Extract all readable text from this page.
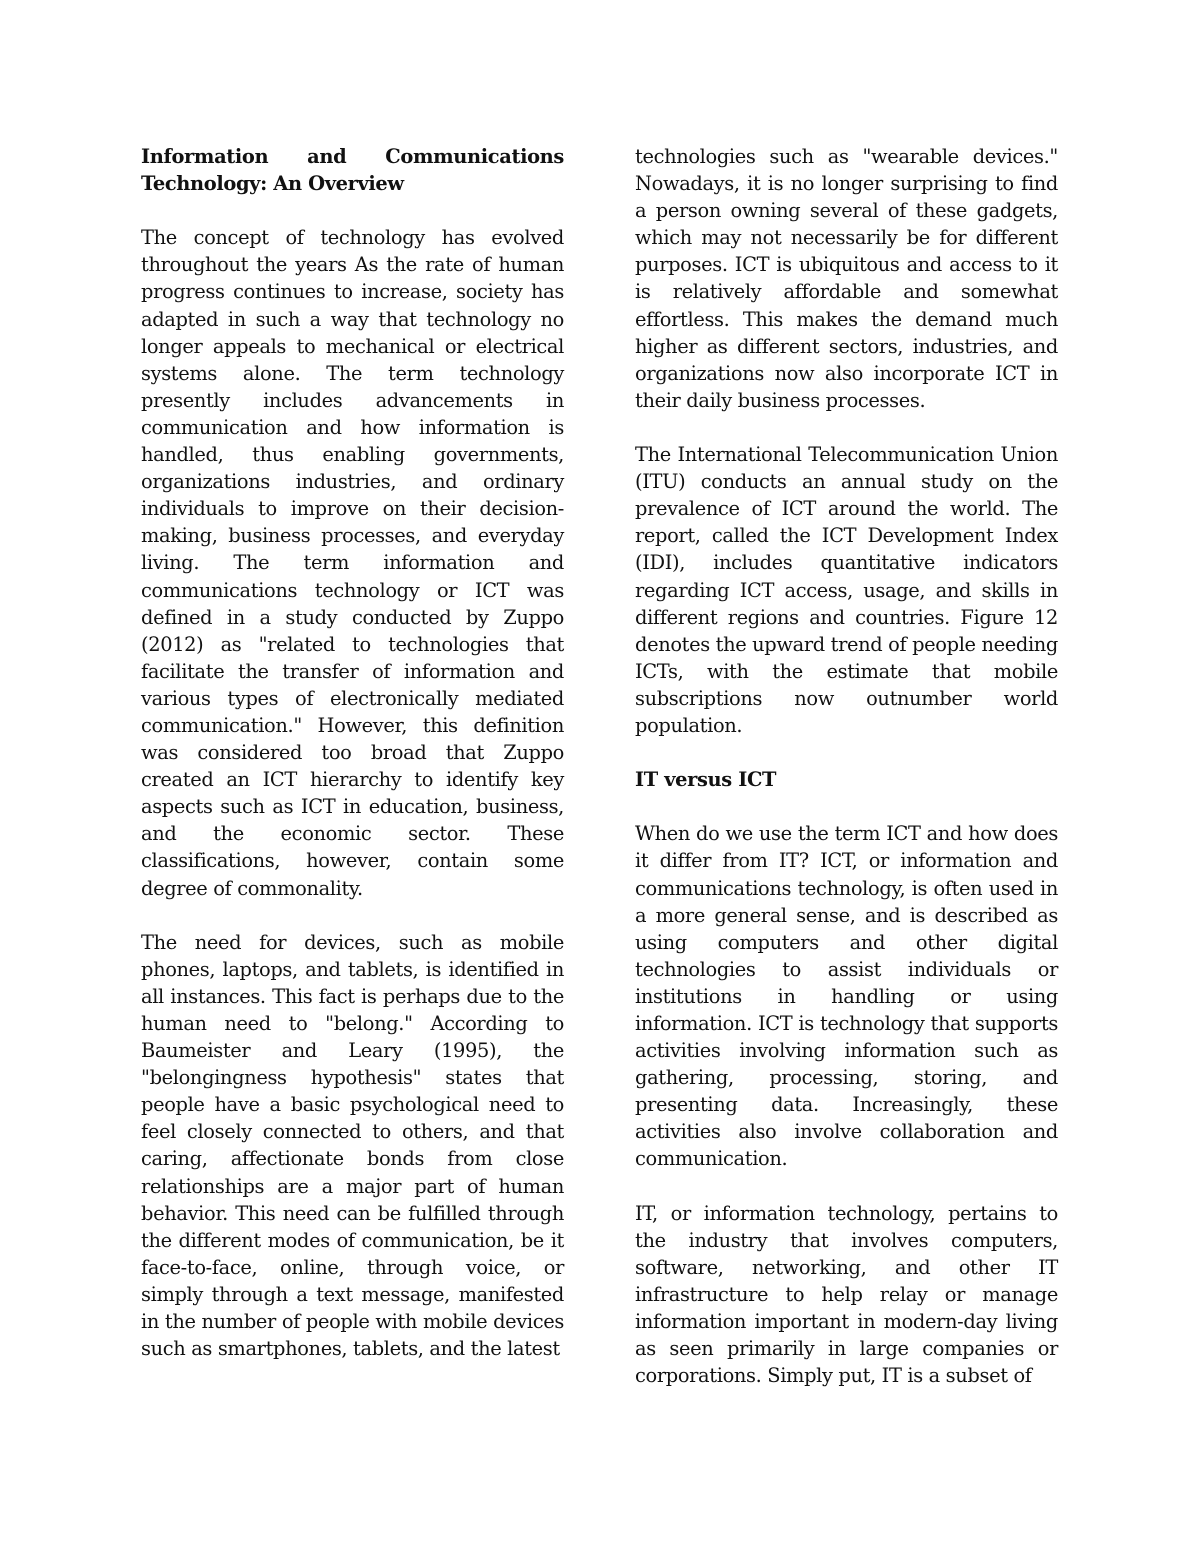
Information and Communications Technology: An Overview
The concept of technology has evolved throughout the years As the rate of human progress continues to increase, society has adapted in such a way that technology no longer appeals to mechanical or electrical systems alone. The term technology presently includes advancements in communication and how information is handled, thus enabling governments, organizations industries, and ordinary individuals to improve on their decision-making, business processes, and everyday living. The term information and communications technology or ICT was defined in a study conducted by Zuppo (2012) as "related to technologies that facilitate the transfer of information and various types of electronically mediated communication." However, this definition was considered too broad that Zuppo created an ICT hierarchy to identify key aspects such as ICT in education, business, and the economic sector. These classifications, however, contain some degree of commonality.
The need for devices, such as mobile phones, laptops, and tablets, is identified in all instances. This fact is perhaps due to the human need to "belong." According to Baumeister and Leary (1995), the "belongingness hypothesis" states that people have a basic psychological need to feel closely connected to others, and that caring, affectionate bonds from close relationships are a major part of human behavior. This need can be fulfilled through the different modes of communication, be it face-to-face, online, through voice, or simply through a text message, manifested in the number of people with mobile devices such as smartphones, tablets, and the latest
technologies such as "wearable devices." Nowadays, it is no longer surprising to find a person owning several of these gadgets, which may not necessarily be for different purposes. ICT is ubiquitous and access to it is relatively affordable and somewhat effortless. This makes the demand much higher as different sectors, industries, and organizations now also incorporate ICT in their daily business processes.
The International Telecommunication Union (ITU) conducts an annual study on the prevalence of ICT around the world. The report, called the ICT Development Index (IDI), includes quantitative indicators regarding ICT access, usage, and skills in different regions and countries. Figure 12 denotes the upward trend of people needing ICTs, with the estimate that mobile subscriptions now outnumber world population.
IT versus ICT
When do we use the term ICT and how does it differ from IT? ICT, or information and communications technology, is often used in a more general sense, and is described as using computers and other digital technologies to assist individuals or institutions in handling or using information. ICT is technology that supports activities involving information such as gathering, processing, storing, and presenting data. Increasingly, these activities also involve collaboration and communication.
IT, or information technology, pertains to the industry that involves computers, software, networking, and other IT infrastructure to help relay or manage information important in modern-day living as seen primarily in large companies or corporations. Simply put, IT is a subset of
